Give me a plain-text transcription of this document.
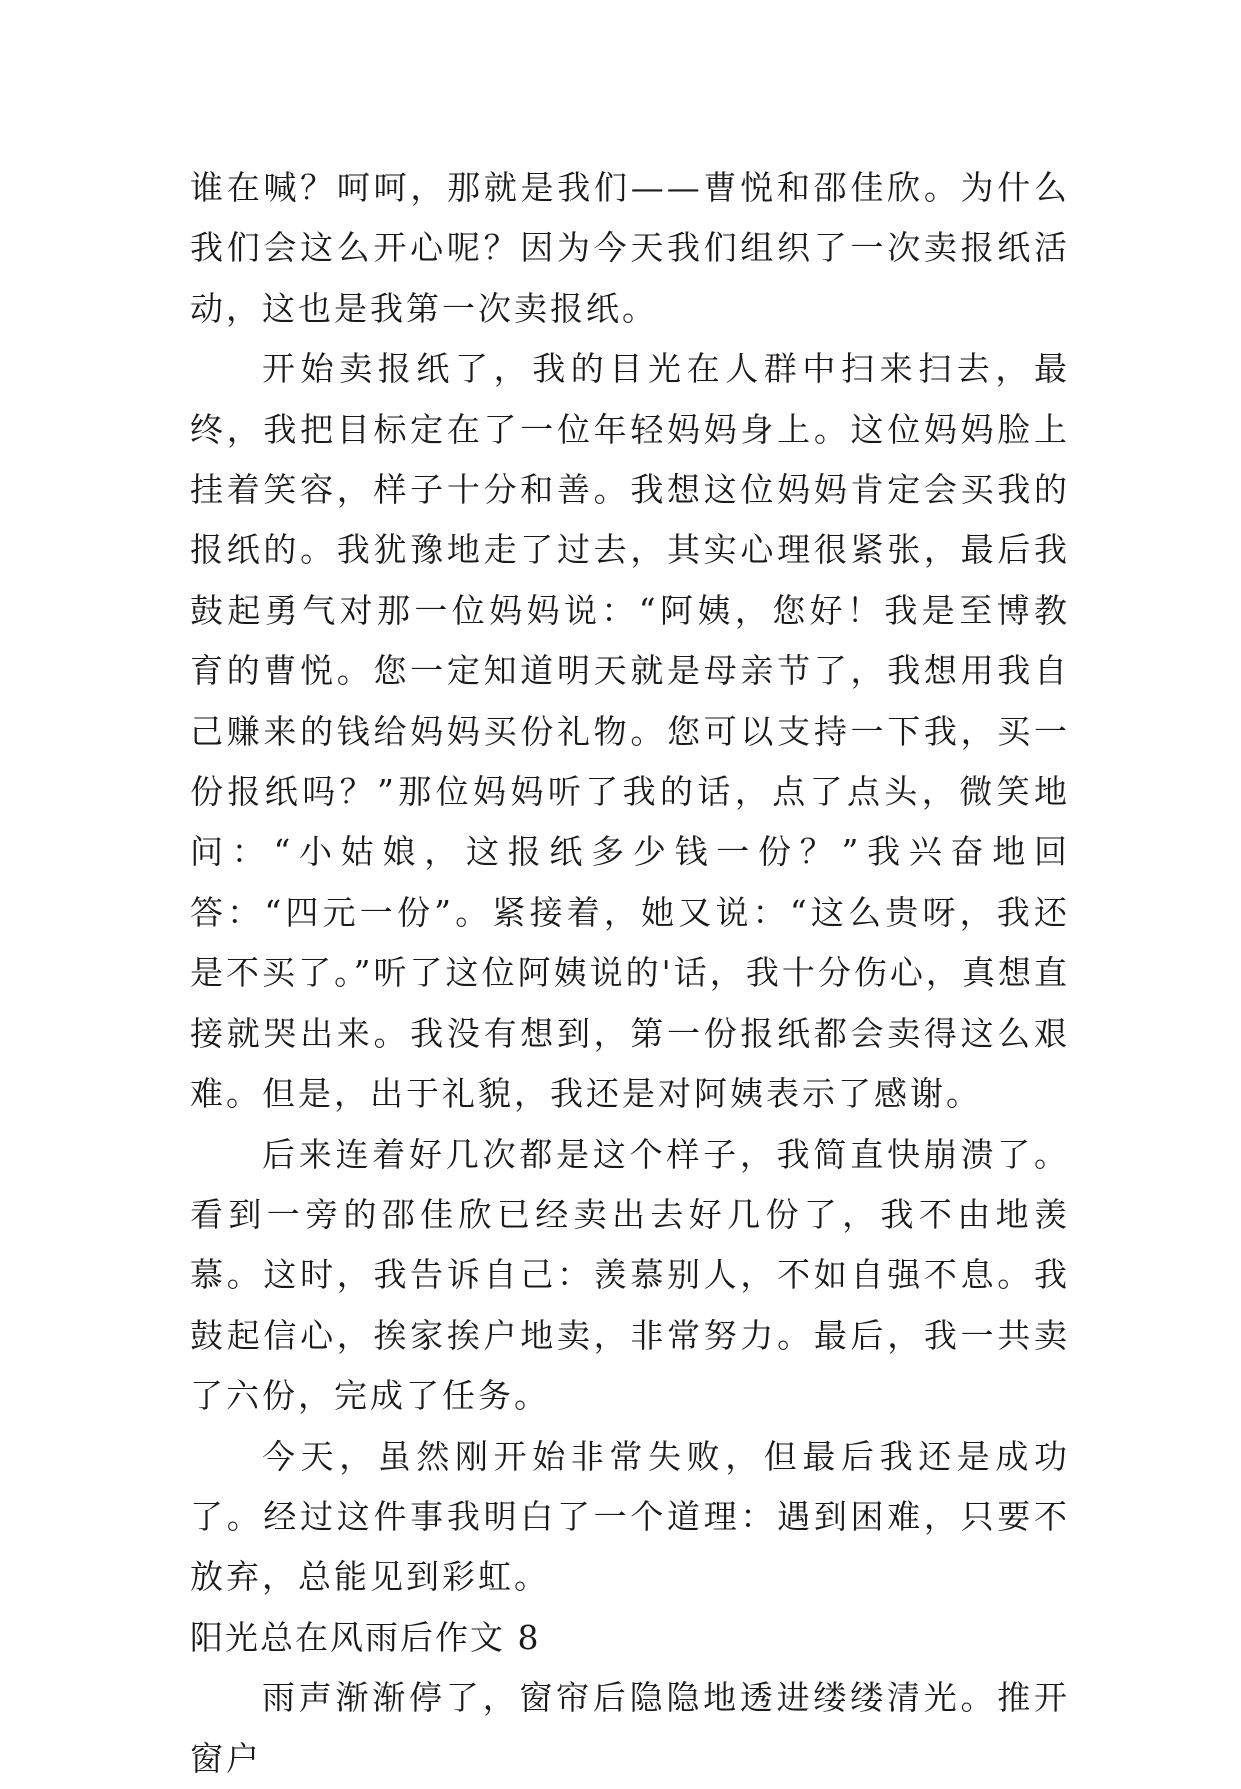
谁在喊？呵呵，那就是我们——曹悦和邵佳欣。为什么我们会这么开心呢？因为今天我们组织了一次卖报纸活动，这也是我第一次卖报纸。

开始卖报纸了，我的目光在人群中扫来扫去，最终，我把目标定在了一位年轻妈妈身上。这位妈妈脸上挂着笑容，样子十分和善。我想这位妈妈肯定会买我的报纸的。我犹豫地走了过去，其实心理很紧张，最后我鼓起勇气对那一位妈妈说：“阿姨，您好！我是至博教育的曹悦。您一定知道明天就是母亲节了，我想用我自己赚来的钱给妈妈买份礼物。您可以支持一下我，买一份报纸吗？”那位妈妈听了我的话，点了点头，微笑地问：“小姑娘，这报纸多少钱一份？”我兴奋地回答：“四元一份”。紧接着，她又说：“这么贵呀，我还是不买了。”听了这位阿姨说的'话，我十分伤心，真想直接就哭出来。我没有想到，第一份报纸都会卖得这么艰难。但是，出于礼貌，我还是对阿姨表示了感谢。

后来连着好几次都是这个样子，我简直快崩溃了。看到一旁的邵佳欣已经卖出去好几份了，我不由地羡慕。这时，我告诉自己：羡慕别人，不如自强不息。我鼓起信心，挨家挨户地卖，非常努力。最后，我一共卖了六份，完成了任务。

今天，虽然刚开始非常失败，但最后我还是成功了。经过这件事我明白了一个道理：遇到困难，只要不放弃，总能见到彩虹。

阳光总在风雨后作文 8

雨声渐渐停了，窗帘后隐隐地透进缕缕清光。推开窗户
